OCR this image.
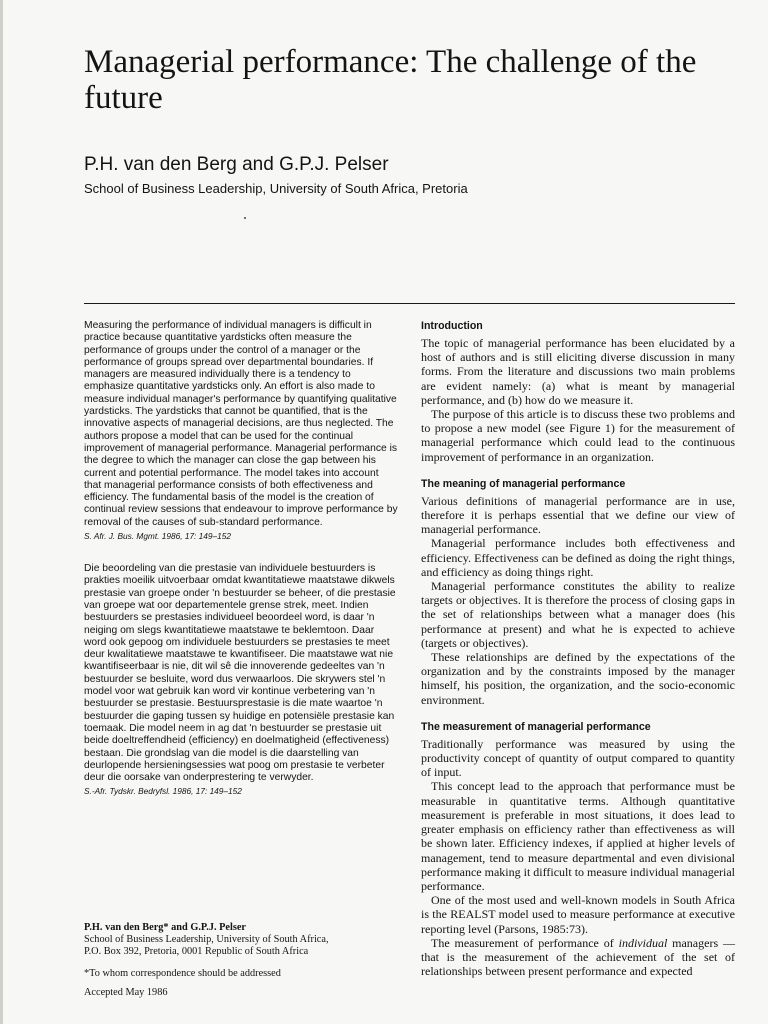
Managerial performance: The challenge of the future

P.H. van den Berg and G.P.J. Pelser

School of Business Leadership, University of South Africa, Pretoria

Measuring the performance of individual managers is difficult in practice because quantitative yardsticks often measure the performance of groups under the control of a manager or the performance of groups spread over departmental boundaries. If managers are measured individually there is a tendency to emphasize quantitative yardsticks only. An effort is also made to measure individual manager's performance by quantifying qualitative yardsticks. The yardsticks that cannot be quantified, that is the innovative aspects of managerial decisions, are thus neglected. The authors propose a model that can be used for the continual improvement of managerial performance. Managerial performance is the degree to which the manager can close the gap between his current and potential performance. The model takes into account that managerial performance consists of both effectiveness and efficiency. The fundamental basis of the model is the creation of continual review sessions that endeavour to improve performance by removal of the causes of sub-standard performance.

S. Afr. J. Bus. Mgmt. 1986, 17: 149–152

Die beoordeling van die prestasie van individuele bestuurders is prakties moeilik uitvoerbaar omdat kwantitatiewe maatstawe dikwels prestasie van groepe onder 'n bestuurder se beheer, of die prestasie van groepe wat oor departementele grense strek, meet. Indien bestuurders se prestasies individueel beoordeel word, is daar 'n neiging om slegs kwantitatiewe maatstawe te beklemtoon. Daar word ook gepoog om individuele bestuurders se prestasies te meet deur kwalitatiewe maatstawe te kwantifiseer. Die maatstawe wat nie kwantifiseerbaar is nie, dit wil sê die innoverende gedeeltes van 'n bestuurder se besluite, word dus verwaarloos. Die skrywers stel 'n model voor wat gebruik kan word vir kontinue verbetering van 'n bestuurder se prestasie. Bestuursprestasie is die mate waartoe 'n bestuurder die gaping tussen sy huidige en potensiële prestasie kan toemaak. Die model neem in ag dat 'n bestuurder se prestasie uit beide doeltreffendheid (efficiency) en doelmatigheid (effectiveness) bestaan. Die grondslag van die model is die daarstelling van deurlopende hersieningsessies wat poog om prestasie te verbeter deur die oorsake van onderprestering te verwyder.

S.-Afr. Tydskr. Bedryfsl. 1986, 17: 149–152

P.H. van den Berg* and G.P.J. Pelser

School of Business Leadership, University of South Africa,

P.O. Box 392, Pretoria, 0001 Republic of South Africa

*To whom correspondence should be addressed

Accepted May 1986

Introduction

The topic of managerial performance has been elucidated by a host of authors and is still eliciting diverse discussion in many forms. From the literature and discussions two main problems are evident namely: (a) what is meant by managerial performance, and (b) how do we measure it.

The purpose of this article is to discuss these two problems and to propose a new model (see Figure 1) for the measurement of managerial performance which could lead to the continuous improvement of performance in an organization.

The meaning of managerial performance

Various definitions of managerial performance are in use, therefore it is perhaps essential that we define our view of managerial performance.

Managerial performance includes both effectiveness and efficiency. Effectiveness can be defined as doing the right things, and efficiency as doing things right.

Managerial performance constitutes the ability to realize targets or objectives. It is therefore the process of closing gaps in the set of relationships between what a manager does (his performance at present) and what he is expected to achieve (targets or objectives).

These relationships are defined by the expectations of the organization and by the constraints imposed by the manager himself, his position, the organization, and the socio-economic environment.

The measurement of managerial performance

Traditionally performance was measured by using the productivity concept of quantity of output compared to quantity of input.

This concept lead to the approach that performance must be measurable in quantitative terms. Although quantitative measurement is preferable in most situations, it does lead to greater emphasis on efficiency rather than effectiveness as will be shown later. Efficiency indexes, if applied at higher levels of management, tend to measure departmental and even divisional performance making it difficult to measure individual managerial performance.

One of the most used and well-known models in South Africa is the REALST model used to measure performance at executive reporting level (Parsons, 1985:73).

The measurement of performance of individual managers — that is the measurement of the achievement of the set of relationships between present performance and expected
